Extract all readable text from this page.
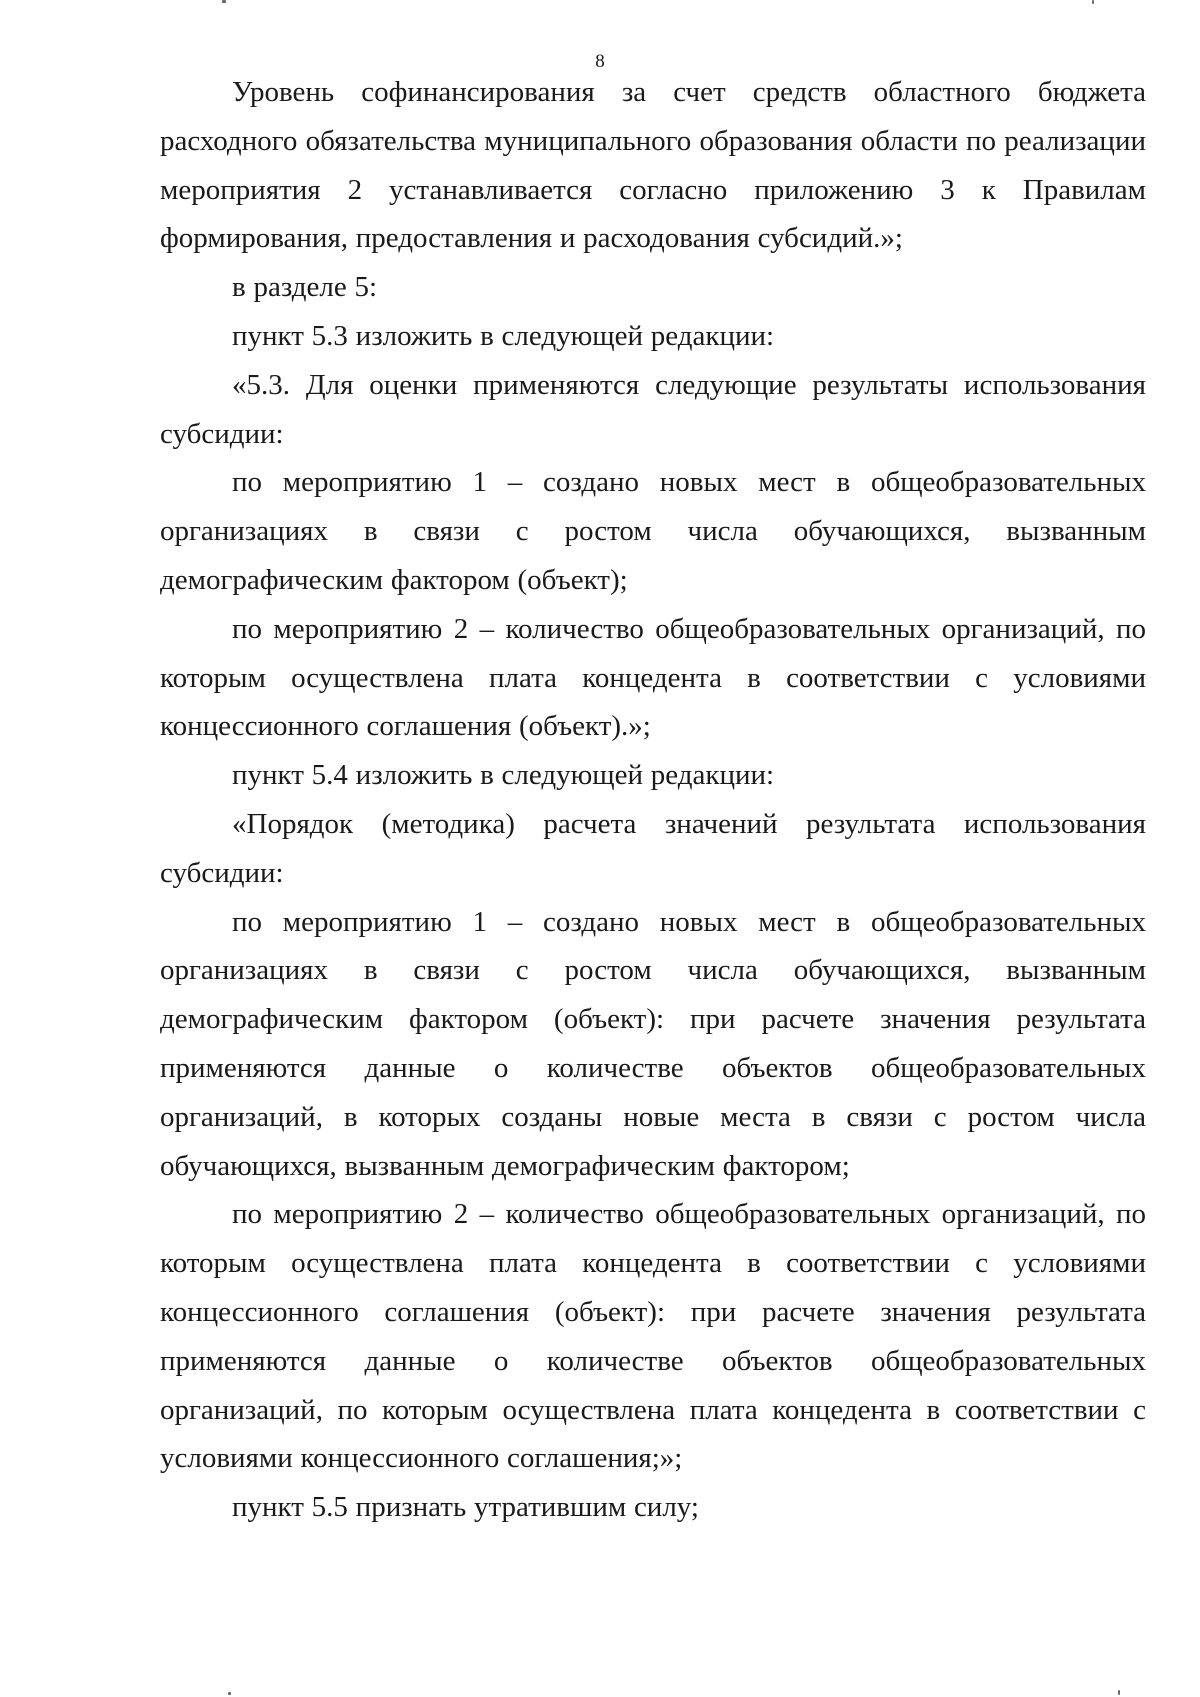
8

Уровень софинансирования за счет средств областного бюджета расходного обязательства муниципального образования области по реализации мероприятия 2 устанавливается согласно приложению 3 к Правилам формирования, предоставления и расходования субсидий.»;

в разделе 5:

пункт 5.3 изложить в следующей редакции:

«5.3. Для оценки применяются следующие результаты использования субсидии:

по мероприятию 1 – создано новых мест в общеобразовательных организациях в связи с ростом числа обучающихся, вызванным демографическим фактором (объект);

по мероприятию 2 – количество общеобразовательных организаций, по которым осуществлена плата концедента в соответствии с условиями концессионного соглашения (объект).»;

пункт 5.4 изложить в следующей редакции:

«Порядок (методика) расчета значений результата использования субсидии:

по мероприятию 1 – создано новых мест в общеобразовательных организациях в связи с ростом числа обучающихся, вызванным демографическим фактором (объект): при расчете значения результата применяются данные о количестве объектов общеобразовательных организаций, в которых созданы новые места в связи с ростом числа обучающихся, вызванным демографическим фактором;

по мероприятию 2 – количество общеобразовательных организаций, по которым осуществлена плата концедента в соответствии с условиями концессионного соглашения (объект): при расчете значения результата применяются данные о количестве объектов общеобразовательных организаций, по которым осуществлена плата концедента в соответствии с условиями концессионного соглашения;»;

пункт 5.5 признать утратившим силу;
